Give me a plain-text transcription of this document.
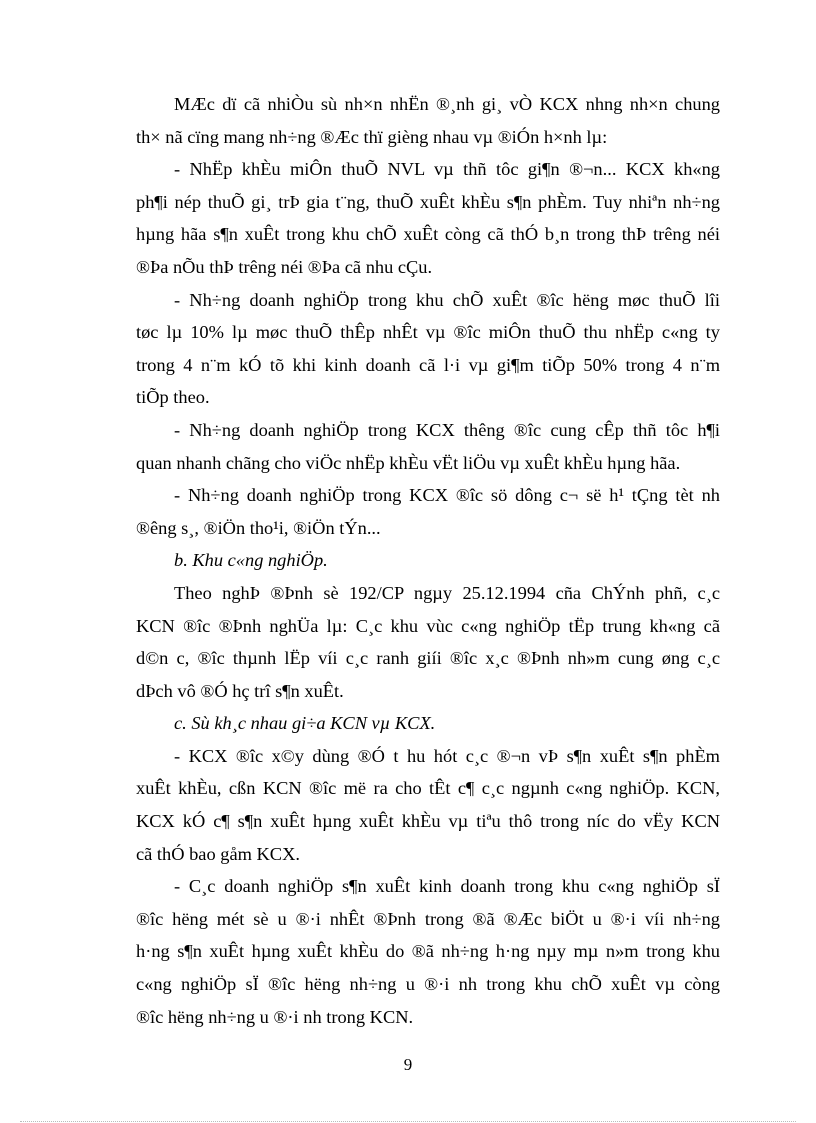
MÆc dï cã nhiÒu sù nh×n nhËn ®¸nh gi¸ vÒ KCX nhng nh×n chung
th× nã cïng mang nh÷ng ®Æc thï gièng nhau vµ ®iÓn h×nh lµ:
- NhËp khÈu miÔn thuÕ NVL vµ thñ tôc gi¶n ®¬n... KCX kh«ng
ph¶i nép thuÕ gi¸ trÞ gia t¨ng, thuÕ xuÊt khÈu s¶n phÈm. Tuy nhiªn nh÷ng
hµng hãa s¶n xuÊt trong khu chÕ xuÊt còng cã thÓ b¸n trong thÞ trêng néi
®Þa nÕu thÞ trêng néi ®Þa cã nhu cÇu.
- Nh÷ng doanh nghiÖp trong khu chÕ xuÊt ®îc hëng møc thuÕ lîi
tøc lµ 10% lµ møc thuÕ thÊp nhÊt vµ ®îc miÔn thuÕ thu nhËp c«ng ty
trong 4 n¨m kÓ tõ khi kinh doanh cã l·i vµ gi¶m tiÕp 50% trong 4 n¨m
tiÕp theo.
- Nh÷ng doanh nghiÖp trong KCX thêng ®îc cung cÊp thñ tôc h¶i
quan nhanh chãng cho viÖc nhËp khÈu vËt liÖu vµ xuÊt khÈu hµng hãa.
- Nh÷ng doanh nghiÖp trong KCX ®îc sö dông c¬ së h¹ tÇng tèt nh
®êng s¸, ®iÖn tho¹i, ®iÖn tÝn...
b. Khu c«ng nghiÖp.
Theo nghÞ ®Þnh sè 192/CP ngµy 25.12.1994 cña ChÝnh phñ, c¸c
KCN ®îc ®Þnh nghÜa lµ: C¸c khu vùc c«ng nghiÖp tËp trung kh«ng cã
d©n c, ®îc thµnh lËp víi c¸c ranh giíi ®îc x¸c ®Þnh nh»m cung øng c¸c
dÞch vô ®Ó hç trî s¶n xuÊt.
c. Sù kh¸c nhau gi÷a KCN vµ KCX.
- KCX ®îc x©y dùng ®Ó t hu hót c¸c ®¬n vÞ s¶n xuÊt s¶n phÈm
xuÊt khÈu, cßn KCN ®îc më ra cho tÊt c¶ c¸c ngµnh c«ng nghiÖp. KCN,
KCX kÓ c¶ s¶n xuÊt hµng xuÊt khÈu vµ tiªu thô trong níc do vËy KCN
cã thÓ bao gåm KCX.
- C¸c doanh nghiÖp s¶n xuÊt kinh doanh trong khu c«ng nghiÖp sÏ
®îc hëng mét sè u ®·i nhÊt ®Þnh trong ®ã ®Æc biÖt u ®·i víi nh÷ng
h·ng s¶n xuÊt hµng xuÊt khÈu do ®ã nh÷ng h·ng nµy mµ n»m trong khu
c«ng nghiÖp sÏ ®îc hëng nh÷ng u ®·i nh trong khu chÕ xuÊt vµ còng
®îc hëng nh÷ng u ®·i nh trong KCN.
9
